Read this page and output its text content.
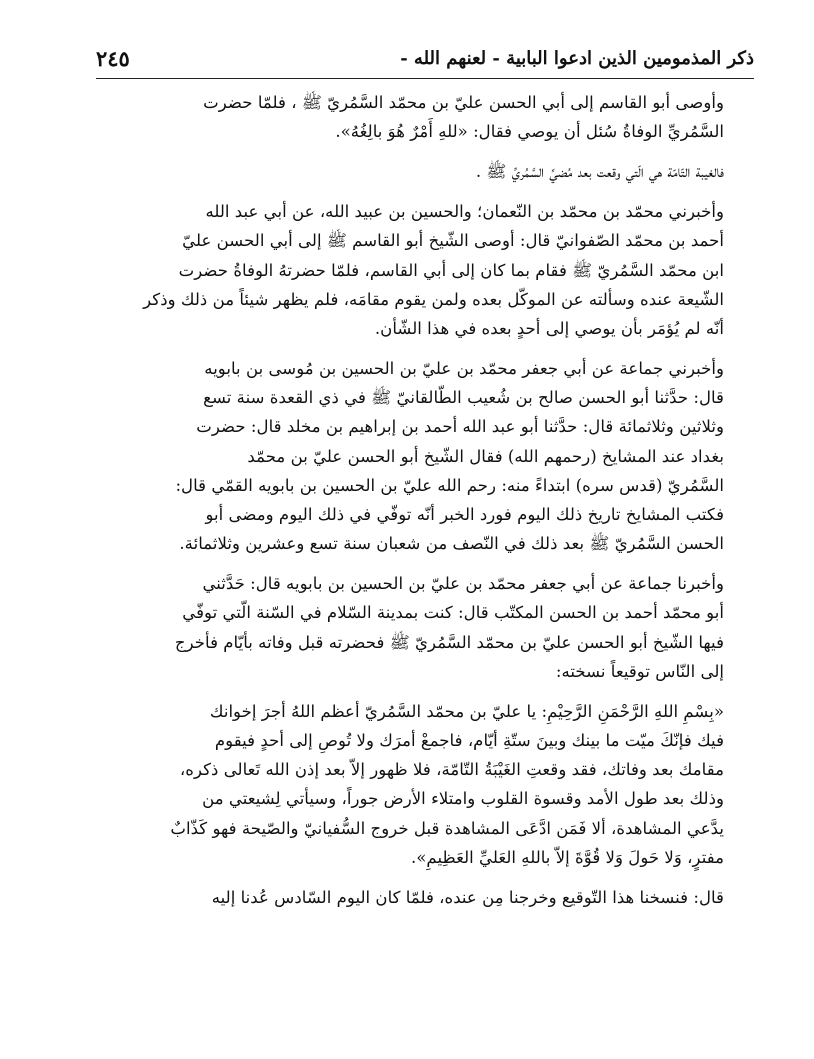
ذكر المذمومين الذين ادعوا البابية - لعنهم الله -
٢٤٥
وأوصى أبو القاسم إلى أبي الحسن عليّ بن محمّد السَّمُريّ ﷺ ، فلمّا حضرت
السَّمُريِّ الوفاةُ سُئل أن يوصي فقال: «للهِ أَمْرٌ هُوَ بالِغُهُ».
فالغيبة التّامّة هي الّتي وقعت بعد مُضيِّ السَّمُريِّ ﷺ .
وأخبرني محمّد بن محمّد بن النّعمان؛ والحسين بن عبيد الله، عن أبي عبد الله
أحمد بن محمّد الصّفوانيّ قال: أوصى الشّيخ أبو القاسم ﷺ إلى أبي الحسن عليّ
ابن محمّد السَّمُريّ ﷺ فقام بما كان إلى أبي القاسم، فلمّا حضرتهُ الوفاةُ حضرت
الشّيعة عنده وسألته عن الموكّل بعده ولمن يقوم مقامَه، فلم يظهر شيئاً من ذلك وذكر
أنّه لم يُؤمَر بأن يوصي إلى أحدٍ بعده في هذا الشّأن.
وأخبرني جماعة عن أبي جعفر محمّد بن عليّ بن الحسين بن مُوسى بن بابويه
قال: حدَّثنا أبو الحسن صالح بن شُعيب الطّالقانيّ ﷺ في ذي القعدة سنة تسع
وثلاثين وثلاثمائة قال: حدَّثنا أبو عبد الله أحمد بن إبراهيم بن مخلد قال: حضرت
بغداد عند المشايخ (رحمهم الله) فقال الشّيخ أبو الحسن عليّ بن محمّد
السَّمُريّ (قدس سره) ابتداءً منه: رحم الله عليّ بن الحسين بن بابويه القمّي قال:
فكتب المشايخ تاريخ ذلك اليوم فورد الخبر أنّه توفّي في ذلك اليوم ومضى أبو
الحسن السَّمُريّ ﷺ بعد ذلك في النّصف من شعبان سنة تسع وعشرين وثلاثمائة.
وأخبرنا جماعة عن أبي جعفر محمّد بن عليّ بن الحسين بن بابويه قال: حَدَّثني
أبو محمّد أحمد بن الحسن المكتّب قال: كنت بمدينة السّلام في السّنة الّتي توفّي
فيها الشّيخ أبو الحسن عليّ بن محمّد السَّمُريّ ﷺ فحضرته قبل وفاته بأيّام فأخرج
إلى النّاس توقيعاً نسخته:
«بِسْمِ اللهِ الرَّحْمَنِ الرَّحِيْمِ: يا عليّ بن محمّد السَّمُريّ أعظم اللهُ أجرَ إخوانك
فيك فإنّكَ ميّت ما بينك وبينَ ستّةِ أيّام، فاجمعْ أمرَك ولا تُوصِ إلى أحدٍ فيقوم
مقامك بعد وفاتك، فقد وقعتِ الغَيْبَةُ التّامّة، فلا ظهور إلاّ بعد إذن الله تَعالى ذكره،
وذلك بعد طول الأمد وقسوة القلوب وامتلاء الأرض جوراً، وسيأتي لِشيعتي من
يدَّعي المشاهدة، ألا فَمَن ادَّعَى المشاهدة قبل خروج السُّفيانيّ والصّيحة فهو كَذّابٌ
مفترٍ، وَلا حَولَ وَلا قُوَّةَ إلاّ باللهِ العَليِّ العَظِيمِ».
قال: فنسخنا هذا التّوقيع وخرجنا مِن عنده، فلمّا كان اليوم السّادس عُدنا إليه
